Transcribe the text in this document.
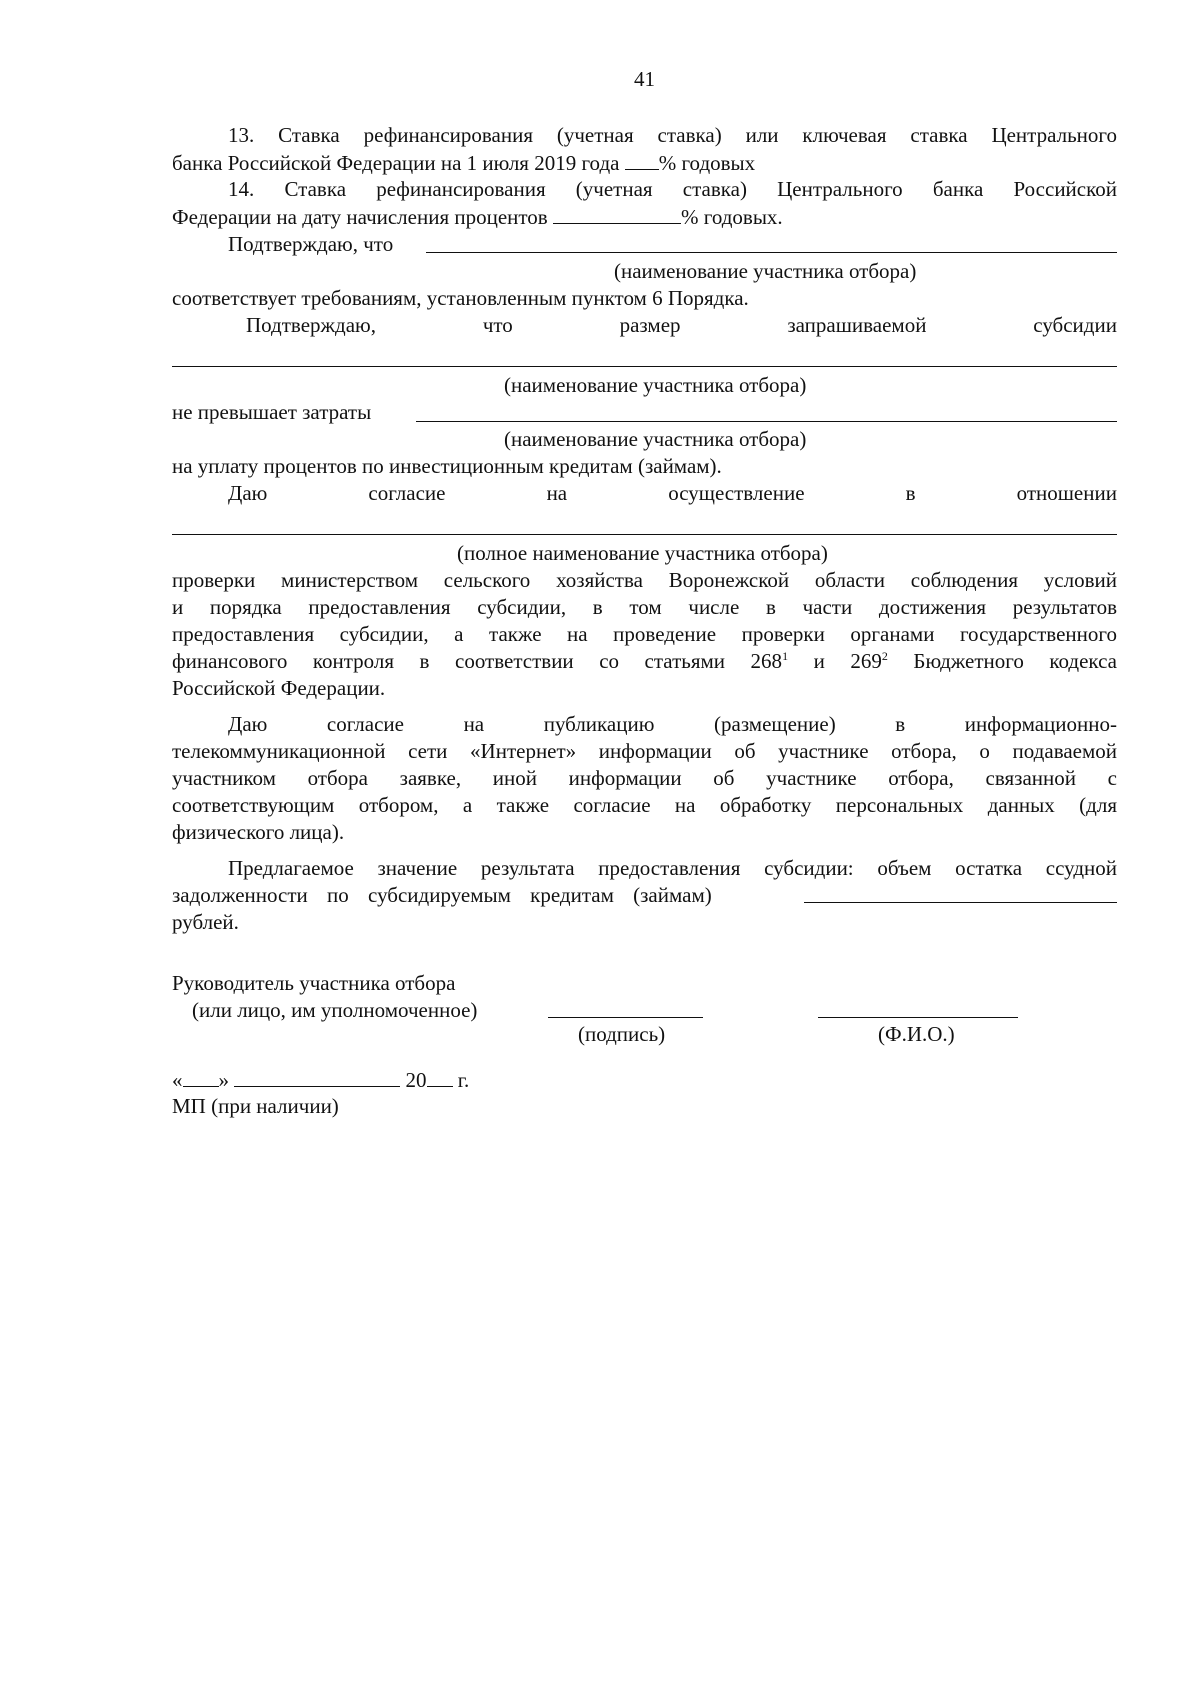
41
13. Ставка рефинансирования (учетная ставка) или ключевая ставка Центрального
банка Российской Федерации на 1 июля 2019 года % годовых
14. Ставка рефинансирования (учетная ставка) Центрального банка Российской
Федерации на дату начисления процентов	% годовых.
Подтверждаю, что
(наименование участника отбора)
соответствует требованиям, установленным пунктом 6 Порядка.
Подтверждаю,	что	размер	запрашиваемой	субсидии
(наименование участника отбора)
не превышает затраты
(наименование участника отбора)
на уплату процентов по инвестиционным кредитам (займам).
Даю	согласие	на	осуществление	в	отношении
(полное наименование участника отбора)
проверки министерством сельского хозяйства Воронежской области соблюдения условий
и порядка предоставления субсидии, в том числе в части достижения результатов
предоставления субсидии, а также на проведение проверки органами государственного
финансового контроля в соответствии со статьями $268^1$ и $269^2$ Бюджетного кодекса
Российской Федерации.
Даю	согласие	на	публикацию	(размещение)	в	информационно-
телекоммуникационной сети «Интернет» информации об участнике отбора, о подаваемой
участником отбора заявке, иной информации об участнике отбора, связанной с
соответствующим отбором, а также согласие на обработку персональных данных (для
физического лица).
Предлагаемое значение результата предоставления субсидии: объем остатка ссудной
задолженности по субсидируемым кредитам (займам)
рублей.
Руководитель участника отбора
(или лицо, им уполномоченное)
(подпись)	(Ф.И.О.)
« »	20 г.
МП (при наличии)
